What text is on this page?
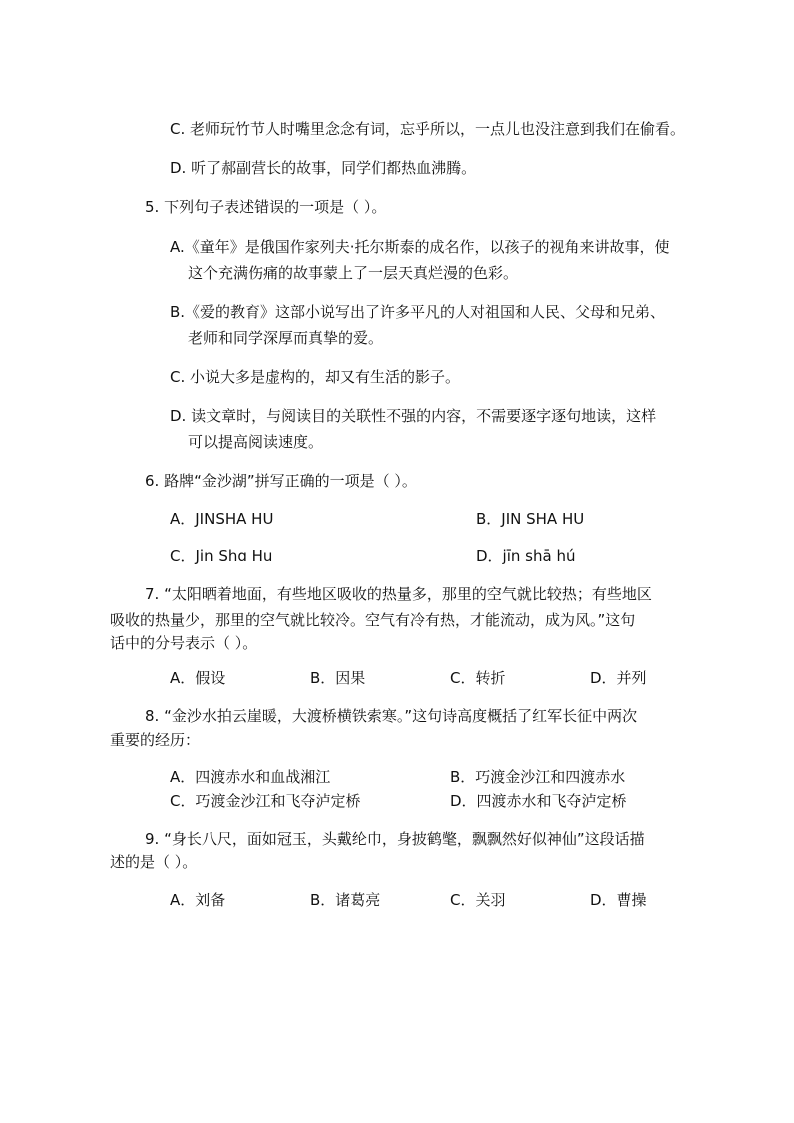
C. 老师玩竹节人时嘴里念念有词，忘乎所以，一点儿也没注意到我们在偷看。
D. 听了郝副营长的故事，同学们都热血沸腾。
5. 下列句子表述错误的一项是（ ）。
A.《童年》是俄国作家列夫·托尔斯泰的成名作，以孩子的视角来讲故事，使
这个充满伤痛的故事蒙上了一层天真烂漫的色彩。
B.《爱的教育》这部小说写出了许多平凡的人对祖国和人民、父母和兄弟、
老师和同学深厚而真挚的爱。
C. 小说大多是虚构的，却又有生活的影子。
D. 读文章时，与阅读目的关联性不强的内容，不需要逐字逐句地读，这样
可以提高阅读速度。
6. 路牌“金沙湖”拼写正确的一项是（ ）。
A．JINSHA HU	B．JIN SHA HU
C．Jin Shɑ Hu	D．jīn shā hú
7. “太阳晒着地面，有些地区吸收的热量多，那里的空气就比较热；有些地区
吸收的热量少，那里的空气就比较冷。空气有冷有热，才能流动，成为风。”这句
话中的分号表示（ ）。
A．假设	B．因果	C．转折	D．并列
8. “金沙水拍云崖暖，大渡桥横铁索寒。”这句诗高度概括了红军长征中两次
重要的经历：
A．四渡赤水和血战湘江	B．巧渡金沙江和四渡赤水
C．巧渡金沙江和飞夺泸定桥	D．四渡赤水和飞夺泸定桥
9. “身长八尺，面如冠玉，头戴纶巾，身披鹤氅，飘飘然好似神仙”这段话描
述的是（ ）。
A．刘备	B．诸葛亮	C．关羽	D．曹操
